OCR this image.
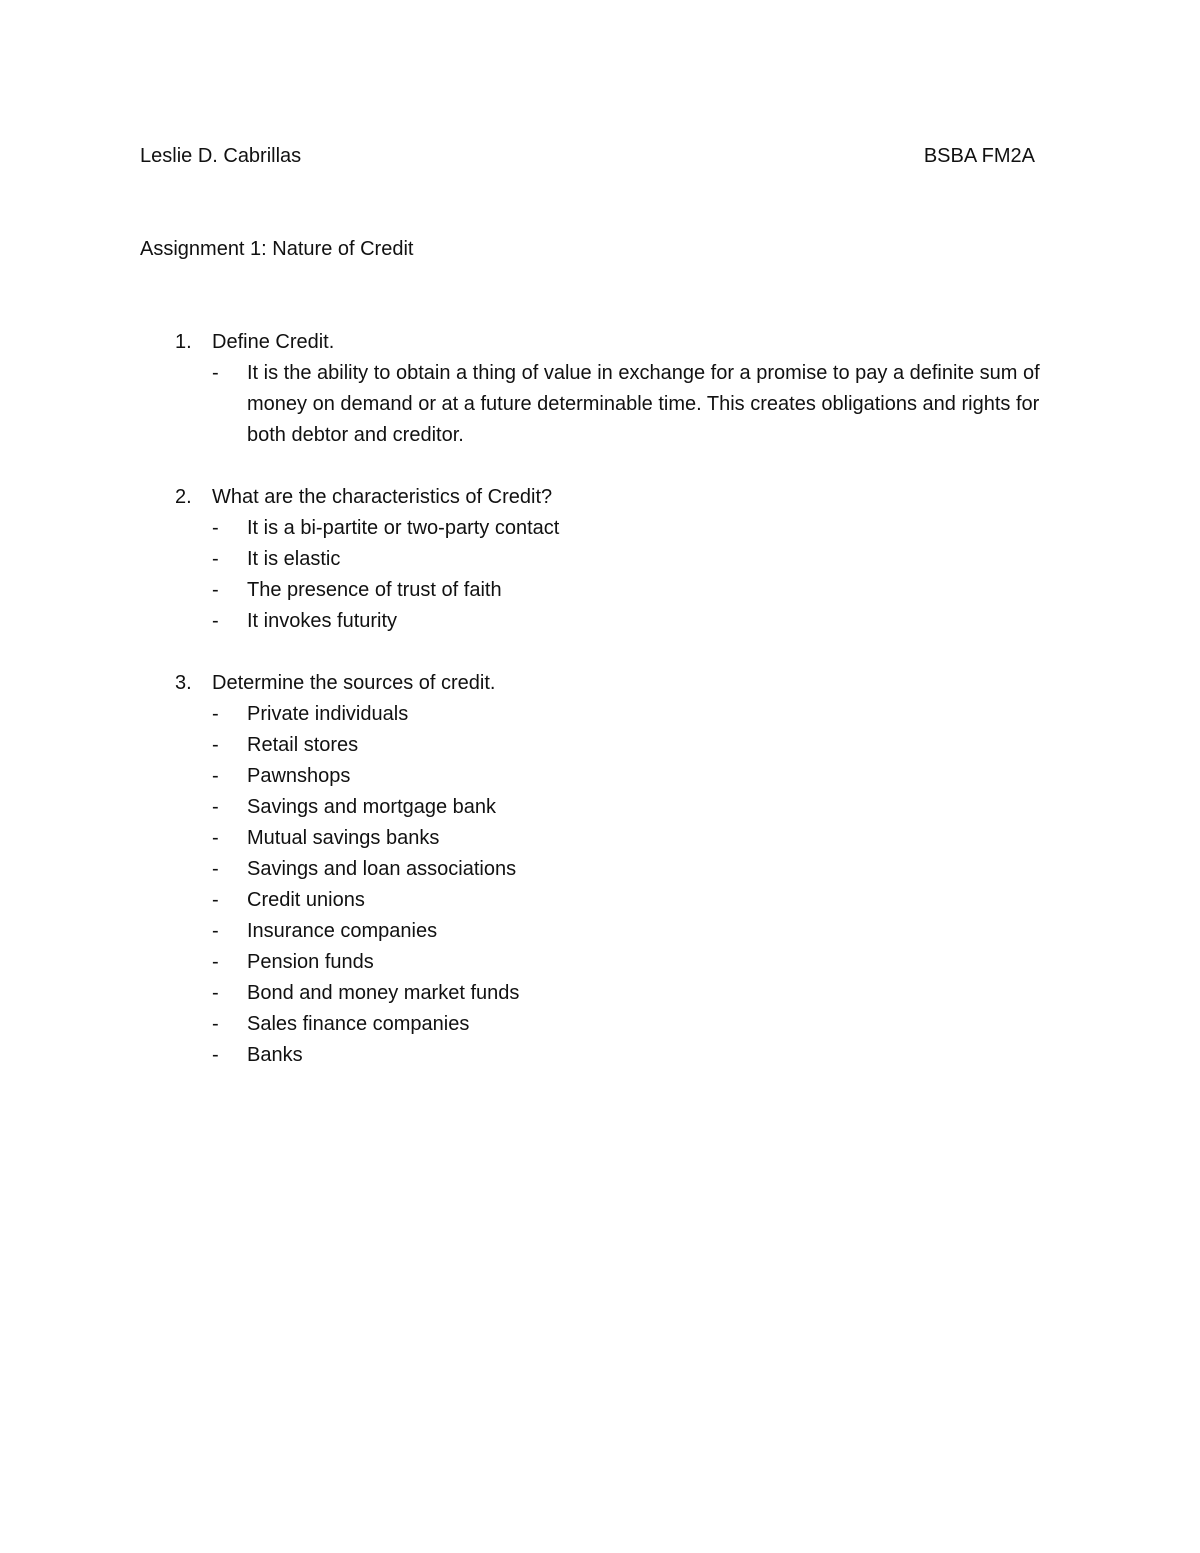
Leslie D. Cabrillas	BSBA FM2A
Assignment 1: Nature of Credit
1. Define Credit.
- It is the ability to obtain a thing of value in exchange for a promise to pay a definite sum of money on demand or at a future determinable time. This creates obligations and rights for both debtor and creditor.
2. What are the characteristics of Credit?
- It is a bi-partite or two-party contact
- It is elastic
- The presence of trust of faith
- It invokes futurity
3. Determine the sources of credit.
- Private individuals
- Retail stores
- Pawnshops
- Savings and mortgage bank
- Mutual savings banks
- Savings and loan associations
- Credit unions
- Insurance companies
- Pension funds
- Bond and money market funds
- Sales finance companies
- Banks
